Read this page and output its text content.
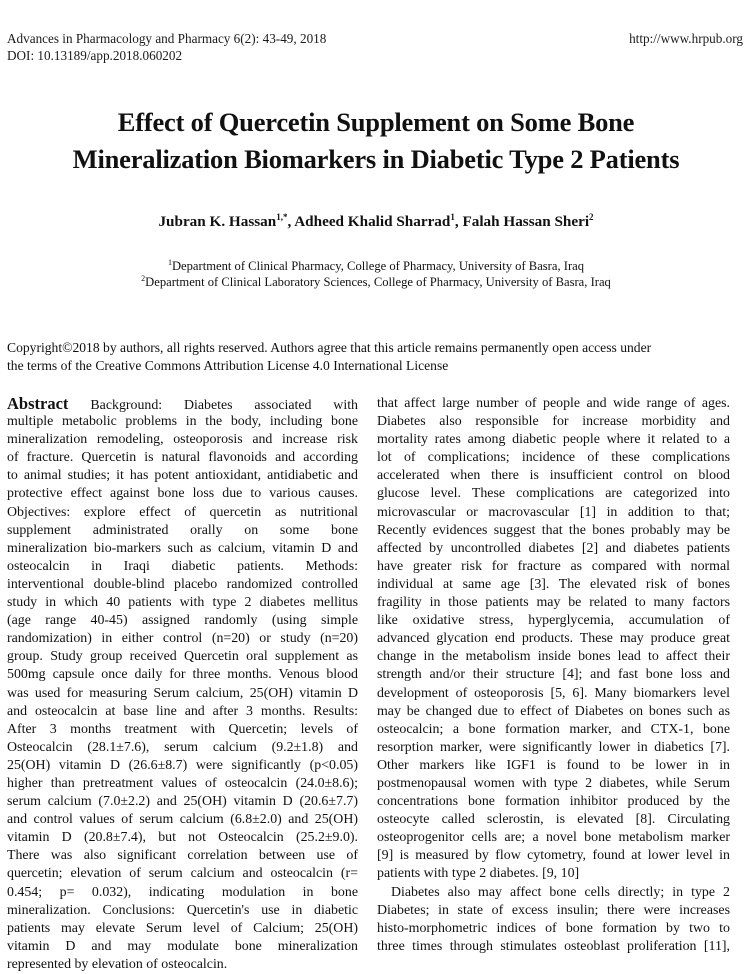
Advances in Pharmacology and Pharmacy 6(2): 43-49, 2018
DOI: 10.13189/app.2018.060202
http://www.hrpub.org
Effect of Quercetin Supplement on Some Bone
Mineralization Biomarkers in Diabetic Type 2 Patients
Jubran K. Hassan$^{1,*}$, Adheed Khalid Sharrad$^1$, Falah Hassan Sheri$^2$
$^1$Department of Clinical Pharmacy, College of Pharmacy, University of Basra, Iraq
$^2$Department of Clinical Laboratory Sciences, College of Pharmacy, University of Basra, Iraq
Copyright©2018 by authors, all rights reserved. Authors agree that this article remains permanently open access under
the terms of the Creative Commons Attribution License 4.0 International License
Abstract Background: Diabetes associated with
multiple metabolic problems in the body, including bone
mineralization remodeling, osteoporosis and increase risk
of fracture. Quercetin is natural flavonoids and according
to animal studies; it has potent antioxidant, antidiabetic and
protective effect against bone loss due to various causes.
Objectives: explore effect of quercetin as nutritional
supplement administrated orally on some bone
mineralization bio-markers such as calcium, vitamin D and
osteocalcin in Iraqi diabetic patients. Methods:
interventional double-blind placebo randomized controlled
study in which 40 patients with type 2 diabetes mellitus
(age range 40-45) assigned randomly (using simple
randomization) in either control (n=20) or study (n=20)
group. Study group received Quercetin oral supplement as
500mg capsule once daily for three months. Venous blood
was used for measuring Serum calcium, 25(OH) vitamin D
and osteocalcin at base line and after 3 months. Results:
After 3 months treatment with Quercetin; levels of
Osteocalcin (28.1±7.6), serum calcium (9.2±1.8) and
25(OH) vitamin D (26.6±8.7) were significantly (p<0.05)
higher than pretreatment values of osteocalcin (24.0±8.6);
serum calcium (7.0±2.2) and 25(OH) vitamin D (20.6±7.7)
and control values of serum calcium (6.8±2.0) and 25(OH)
vitamin D (20.8±7.4), but not Osteocalcin (25.2±9.0).
There was also significant correlation between use of
quercetin; elevation of serum calcium and osteocalcin (r=
0.454; p= 0.032), indicating modulation in bone
mineralization. Conclusions: Quercetin's use in diabetic
patients may elevate Serum level of Calcium; 25(OH)
vitamin D and may modulate bone mineralization
represented by elevation of osteocalcin.
that affect large number of people and wide range of ages.
Diabetes also responsible for increase morbidity and
mortality rates among diabetic people where it related to a
lot of complications; incidence of these complications
accelerated when there is insufficient control on blood
glucose level. These complications are categorized into
microvascular or macrovascular [1] in addition to that;
Recently evidences suggest that the bones probably may be
affected by uncontrolled diabetes [2] and diabetes patients
have greater risk for fracture as compared with normal
individual at same age [3]. The elevated risk of bones
fragility in those patients may be related to many factors
like oxidative stress, hyperglycemia, accumulation of
advanced glycation end products. These may produce great
change in the metabolism inside bones lead to affect their
strength and/or their structure [4]; and fast bone loss and
development of osteoporosis [5, 6]. Many biomarkers level
may be changed due to effect of Diabetes on bones such as
osteocalcin; a bone formation marker, and CTX-1, bone
resorption marker, were significantly lower in diabetics [7].
Other markers like IGF1 is found to be lower in in
postmenopausal women with type 2 diabetes, while Serum
concentrations bone formation inhibitor produced by the
osteocyte called sclerostin, is elevated [8]. Circulating
osteoprogenitor cells are; a novel bone metabolism marker
[9] is measured by flow cytometry, found at lower level in
patients with type 2 diabetes. [9, 10]
Diabetes also may affect bone cells directly; in type 2
Diabetes; in state of excess insulin; there were increases
histo-morphometric indices of bone formation by two to
three times through stimulates osteoblast proliferation [11],
